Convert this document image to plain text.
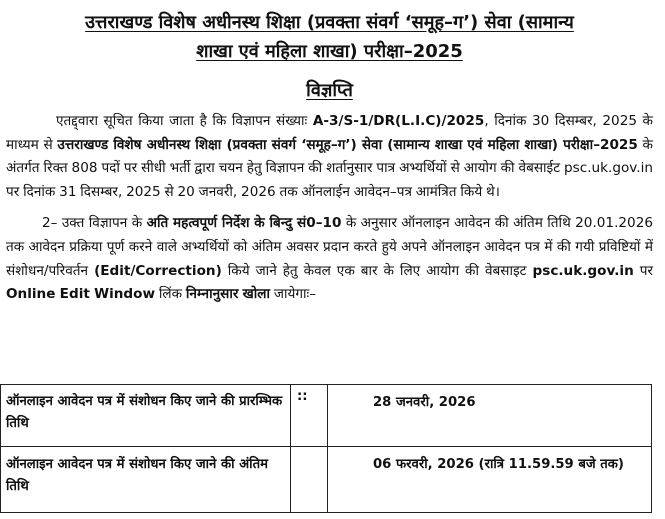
उत्तराखण्ड विशेष अधीनस्थ शिक्षा (प्रवक्ता संवर्ग ‘समूह–ग’) सेवा (सामान्य
शाखा एवं महिला शाखा) परीक्षा–2025
विज्ञप्ति

एतद्द्वारा सूचित किया जाता है कि विज्ञापन संख्याः A-3/S-1/DR(L.I.C)/2025, दिनांक 30 दिसम्बर, 2025 के माध्यम से उत्तराखण्ड विशेष अधीनस्थ शिक्षा (प्रवक्ता संवर्ग ‘समूह–ग’) सेवा (सामान्य शाखा एवं महिला शाखा) परीक्षा–2025 के अंतर्गत रिक्त 808 पदों पर सीधी भर्ती द्वारा चयन हेतु विज्ञापन की शर्तानुसार पात्र अभ्यर्थियों से आयोग की वेबसाईट psc.uk.gov.in पर दिनांक 31 दिसम्बर, 2025 से 20 जनवरी, 2026 तक ऑनलाईन आवेदन–पत्र आमंत्रित किये थे।

2– उक्त विज्ञापन के अति महत्वपूर्ण निर्देश के बिन्दु सं0–10 के अनुसार ऑनलाइन आवेदन की अंतिम तिथि 20.01.2026 तक आवेदन प्रक्रिया पूर्ण करने वाले अभ्यर्थियों को अंतिम अवसर प्रदान करते हुये अपने ऑनलाइन आवेदन पत्र में की गयी प्रविष्टियों में संशोधन/परिवर्तन (Edit/Correction) किये जाने हेतु केवल एक बार के लिए आयोग की वेबसाइट psc.uk.gov.in पर Online Edit Window लिंक निम्नानुसार खोला जायेगाः–

ऑनलाइन आवेदन पत्र में संशोधन किए जाने की प्रारम्भिक तिथि	::	28 जनवरी, 2026
ऑनलाइन आवेदन पत्र में संशोधन किए जाने की अंतिम तिथि		06 फरवरी, 2026 (रात्रि 11.59.59 बजे तक)
